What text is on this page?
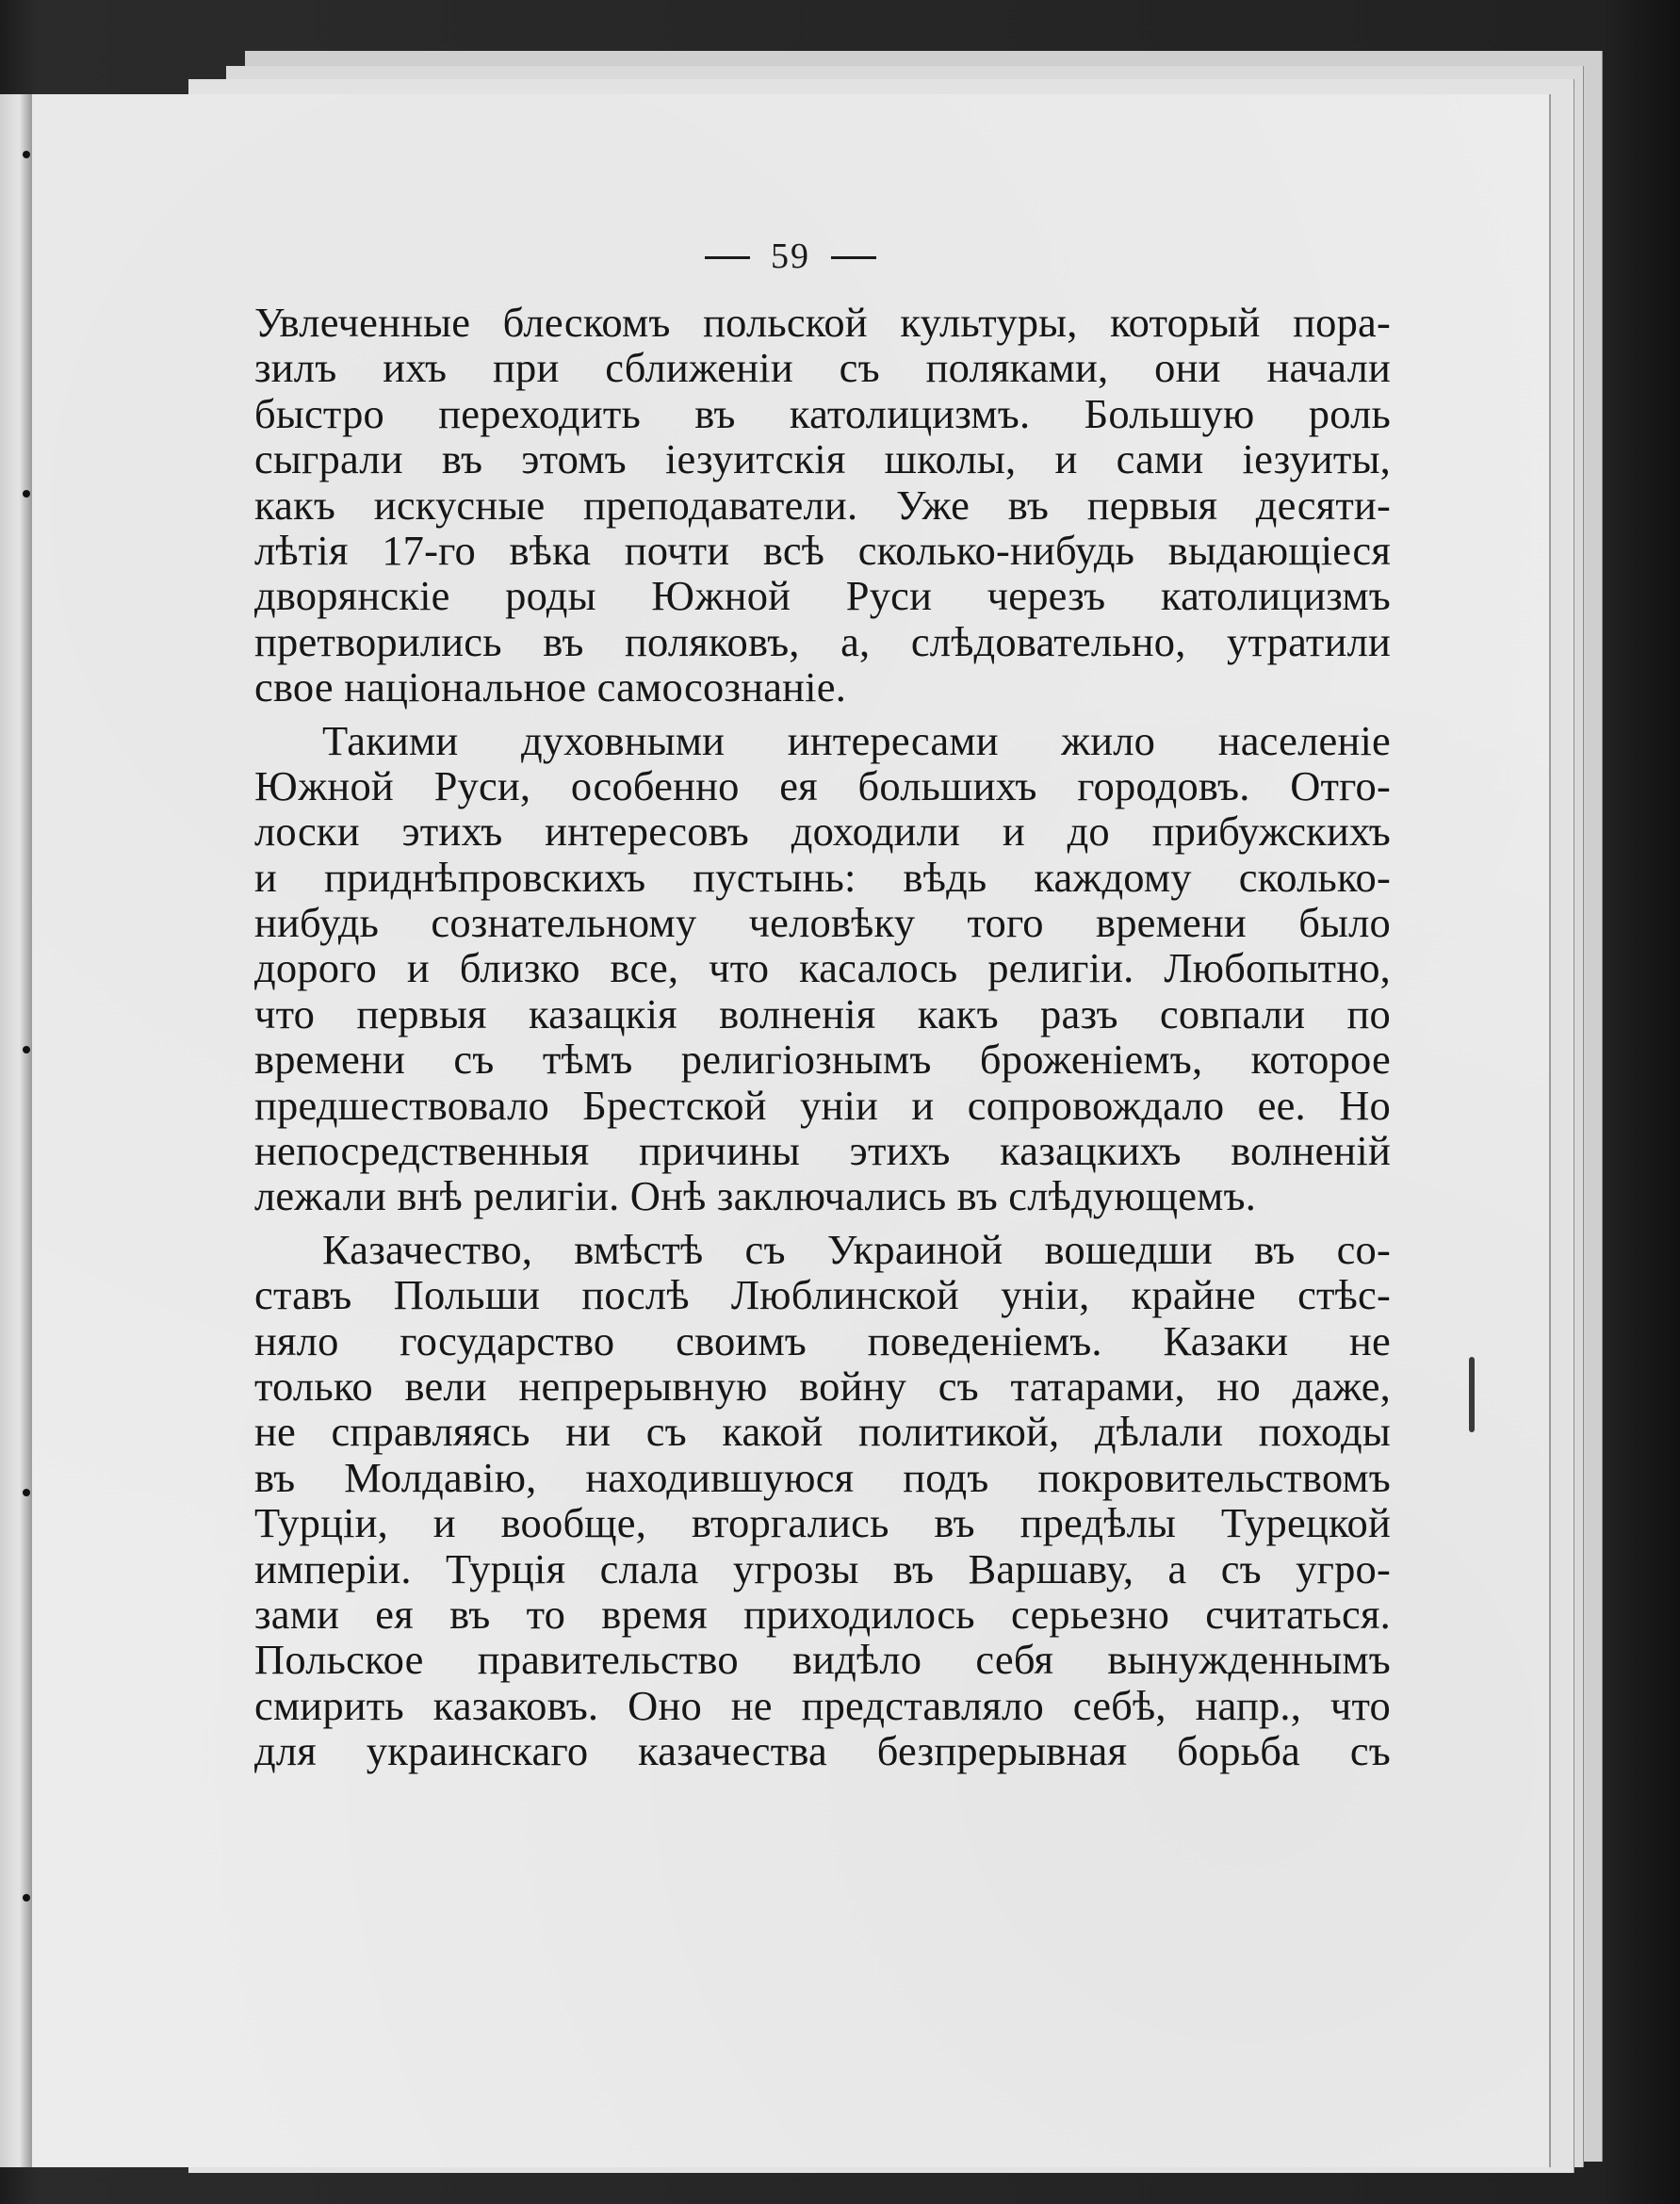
59
Увлеченные блескомъ польской культуры, который пора-
зилъ ихъ при сближенiи съ поляками, они начали
быстро переходить въ католицизмъ. Большую роль
сыграли въ этомъ iезуитскiя школы, и сами iезуиты,
какъ искусные преподаватели. Уже въ первыя десяти-
лѣтiя 17-го вѣка почти всѣ сколько-нибудь выдающiеся
дворянскiе роды Южной Руси черезъ католицизмъ
претворились въ поляковъ, а, слѣдовательно, утратили
свое нацiональное самосознанiе.
Такими духовными интересами жило населенiе
Южной Руси, особенно ея большихъ городовъ. Отго-
лоски этихъ интересовъ доходили и до прибужскихъ
и приднѣпровскихъ пустынь: вѣдь каждому сколько-
нибудь сознательному человѣку того времени было
дорого и близко все, что касалось религiи. Любопытно,
что первыя казацкiя волненiя какъ разъ совпали по
времени съ тѣмъ религiознымъ броженiемъ, которое
предшествовало Брестской унiи и сопровождало ее. Но
непосредственныя причины этихъ казацкихъ волненiй
лежали внѣ религiи. Онѣ заключались въ слѣдующемъ.
Казачество, вмѣстѣ съ Украиной вошедши въ со-
ставъ Польши послѣ Люблинской унiи, крайне стѣс-
няло государство своимъ поведенiемъ. Казаки не
только вели непрерывную войну съ татарами, но даже,
не справляясь ни съ какой политикой, дѣлали походы
въ Молдавiю, находившуюся подъ покровительствомъ
Турцiи, и вообще, вторгались въ предѣлы Турецкой
имперiи. Турцiя слала угрозы въ Варшаву, а съ угро-
зами ея въ то время приходилось серьезно считаться.
Польское правительство видѣло себя вынужденнымъ
смирить казаковъ. Оно не представляло себѣ, напр., что
для украинскаго казачества безпрерывная борьба съ
